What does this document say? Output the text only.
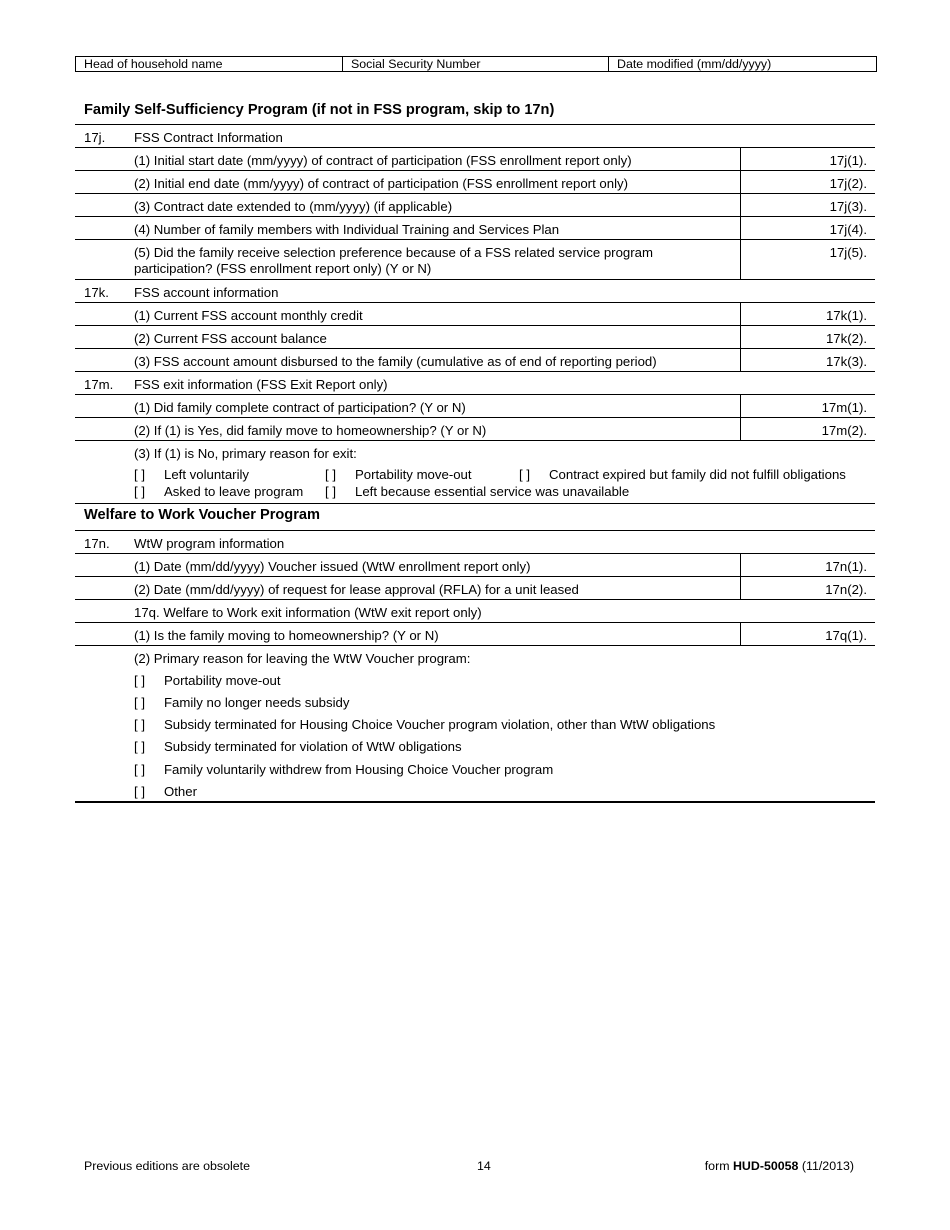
Head of household name	Social Security Number	Date modified (mm/dd/yyyy)
Family Self-Sufficiency Program (if not in FSS program, skip to 17n)
17j. FSS Contract Information
(1) Initial start date (mm/yyyy) of contract of participation (FSS enrollment report only)	17j(1).
(2) Initial end date (mm/yyyy) of contract of participation (FSS enrollment report only)	17j(2).
(3) Contract date extended to (mm/yyyy) (if applicable)	17j(3).
(4) Number of family members with Individual Training and Services Plan	17j(4).
(5) Did the family receive selection preference because of a FSS related service program
participation? (FSS enrollment report only) (Y or N)
17j(5).
17k. FSS account information
(1) Current FSS account monthly credit	17k(1).
(2) Current FSS account balance	17k(2).
(3) FSS account amount disbursed to the family (cumulative as of end of reporting period)	17k(3).
17m. FSS exit information (FSS Exit Report only)
(1) Did family complete contract of participation? (Y or N)	17m(1).
(2) If (1) is Yes, did family move to homeownership? (Y or N)	17m(2).
(3) If (1) is No, primary reason for exit:
[ ] Left voluntarily	[ ] Portability move-out	[ ] Contract expired but family did not fulfill obligations
[ ] Asked to leave program [ ] Left because essential service was unavailable
Welfare to Work Voucher Program
17n. WtW program information
(1) Date (mm/dd/yyyy) Voucher issued (WtW enrollment report only)	17n(1).
(2) Date (mm/dd/yyyy) of request for lease approval (RFLA) for a unit leased	17n(2).
17q. Welfare to Work exit information (WtW exit report only)
(1) Is the family moving to homeownership? (Y or N)	17q(1).
(2) Primary reason for leaving the WtW Voucher program:
[ ] Portability move-out
[ ] Family no longer needs subsidy
[ ] Subsidy terminated for Housing Choice Voucher program violation, other than WtW obligations
[ ] Subsidy terminated for violation of WtW obligations
[ ] Family voluntarily withdrew from Housing Choice Voucher program
[ ] Other
Previous editions are obsolete	14	form HUD-50058 (11/2013)
